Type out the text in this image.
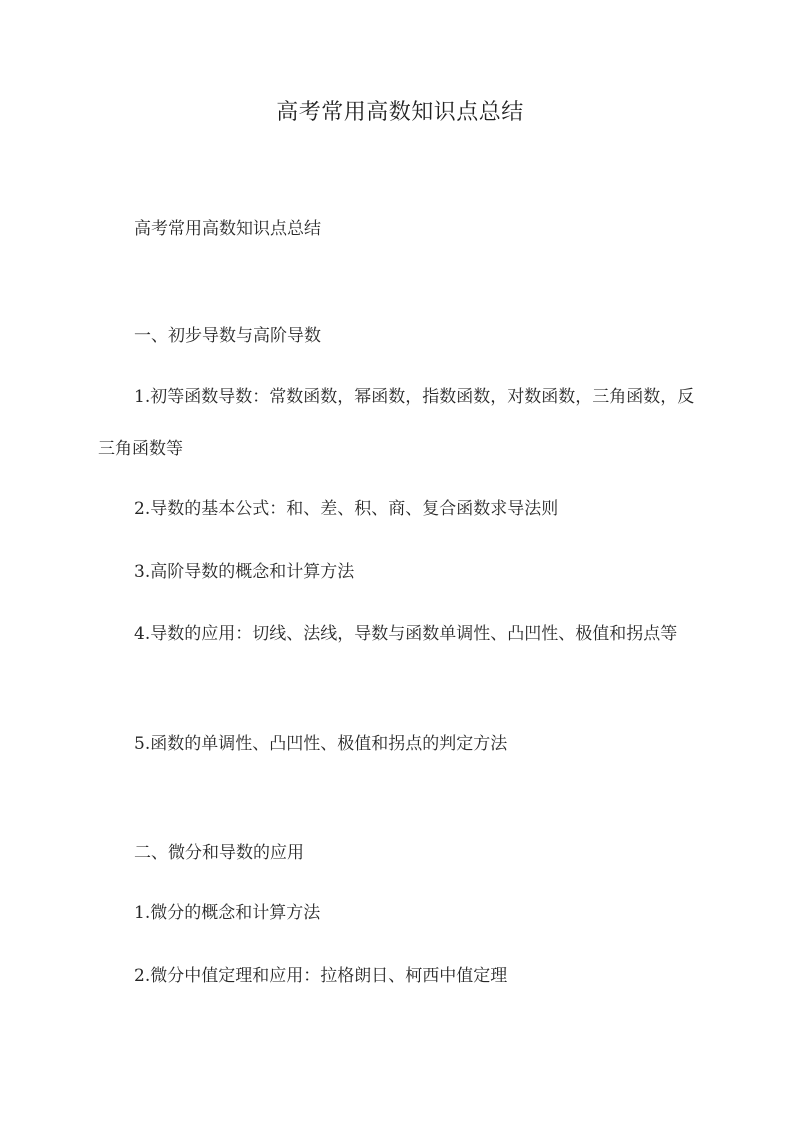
高考常用高数知识点总结

高考常用高数知识点总结

一、初步导数与高阶导数

1.初等函数导数：常数函数，幂函数，指数函数，对数函数，三角函数，反三角函数等

2.导数的基本公式：和、差、积、商、复合函数求导法则

3.高阶导数的概念和计算方法

4.导数的应用：切线、法线，导数与函数单调性、凸凹性、极值和拐点等

5.函数的单调性、凸凹性、极值和拐点的判定方法

二、微分和导数的应用

1.微分的概念和计算方法

2.微分中值定理和应用：拉格朗日、柯西中值定理
